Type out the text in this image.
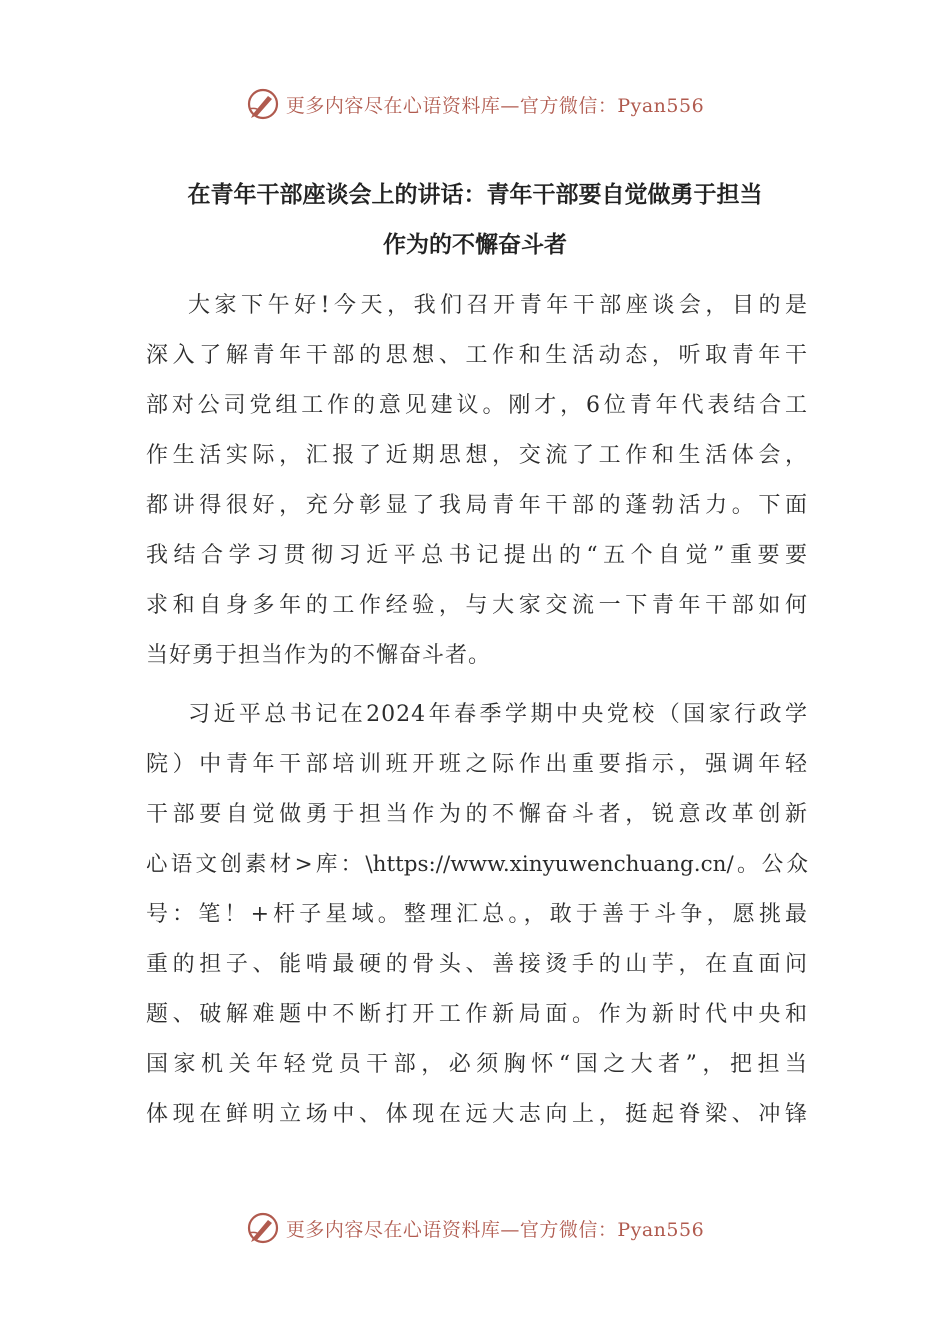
更多内容尽在心语资料库—官方微信：Pyan556
在青年干部座谈会上的讲话：青年干部要自觉做勇于担当
作为的不懈奋斗者
大家下午好!今天，我们召开青年干部座谈会，目的是
深入了解青年干部的思想、工作和生活动态，听取青年干
部对公司党组工作的意见建议。刚才，6位青年代表结合工
作生活实际，汇报了近期思想，交流了工作和生活体会，
都讲得很好，充分彰显了我局青年干部的蓬勃活力。下面
我结合学习贯彻习近平总书记提出的“五个自觉”重要要
求和自身多年的工作经验，与大家交流一下青年干部如何
当好勇于担当作为的不懈奋斗者。
习近平总书记在2024年春季学期中央党校（国家行政学
院）中青年干部培训班开班之际作出重要指示，强调年轻
干部要自觉做勇于担当作为的不懈奋斗者，锐意改革创新
心语文创素材>库：\https://www.xinyuwenchuang.cn/。公众
号：笔！+杆子星域。整理汇总。，敢于善于斗争，愿挑最
重的担子、能啃最硬的骨头、善接烫手的山芋，在直面问
题、破解难题中不断打开工作新局面。作为新时代中央和
国家机关年轻党员干部，必须胸怀“国之大者”，把担当
体现在鲜明立场中、体现在远大志向上，挺起脊梁、冲锋
更多内容尽在心语资料库—官方微信：Pyan556
